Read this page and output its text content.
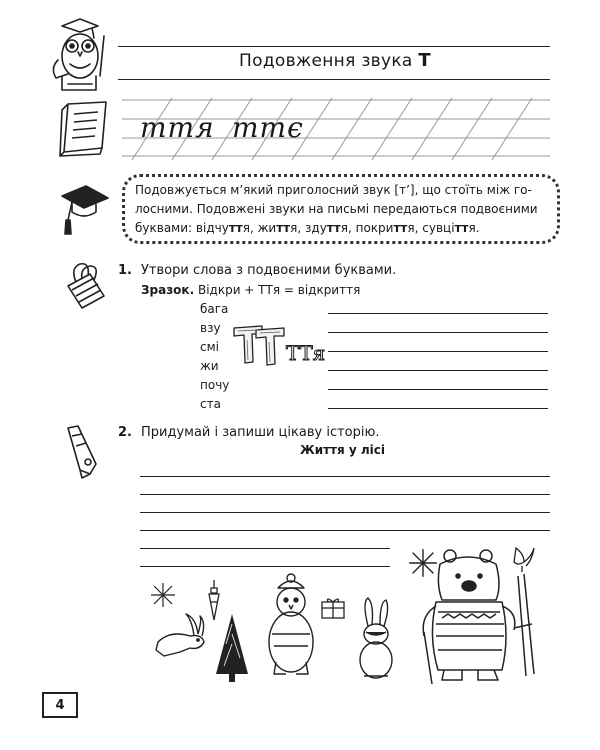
Подовження звука Т
ття ттє
Подовжується м’який приголосний звук [т’], що стоїть між го-
лосними. Подовжені звуки на письмі передаються подвоєними
буквами: відчуття, життя, здуття, покриття, сувціття.
1. Утвори слова з подвоєними буквами.
Зразок. Відкри + ТТя = відкриття
бага
взу
смі
жи
почу
ста
ТТя
2. Придумай і запиши цікаву історію.
Життя у лісі
4
